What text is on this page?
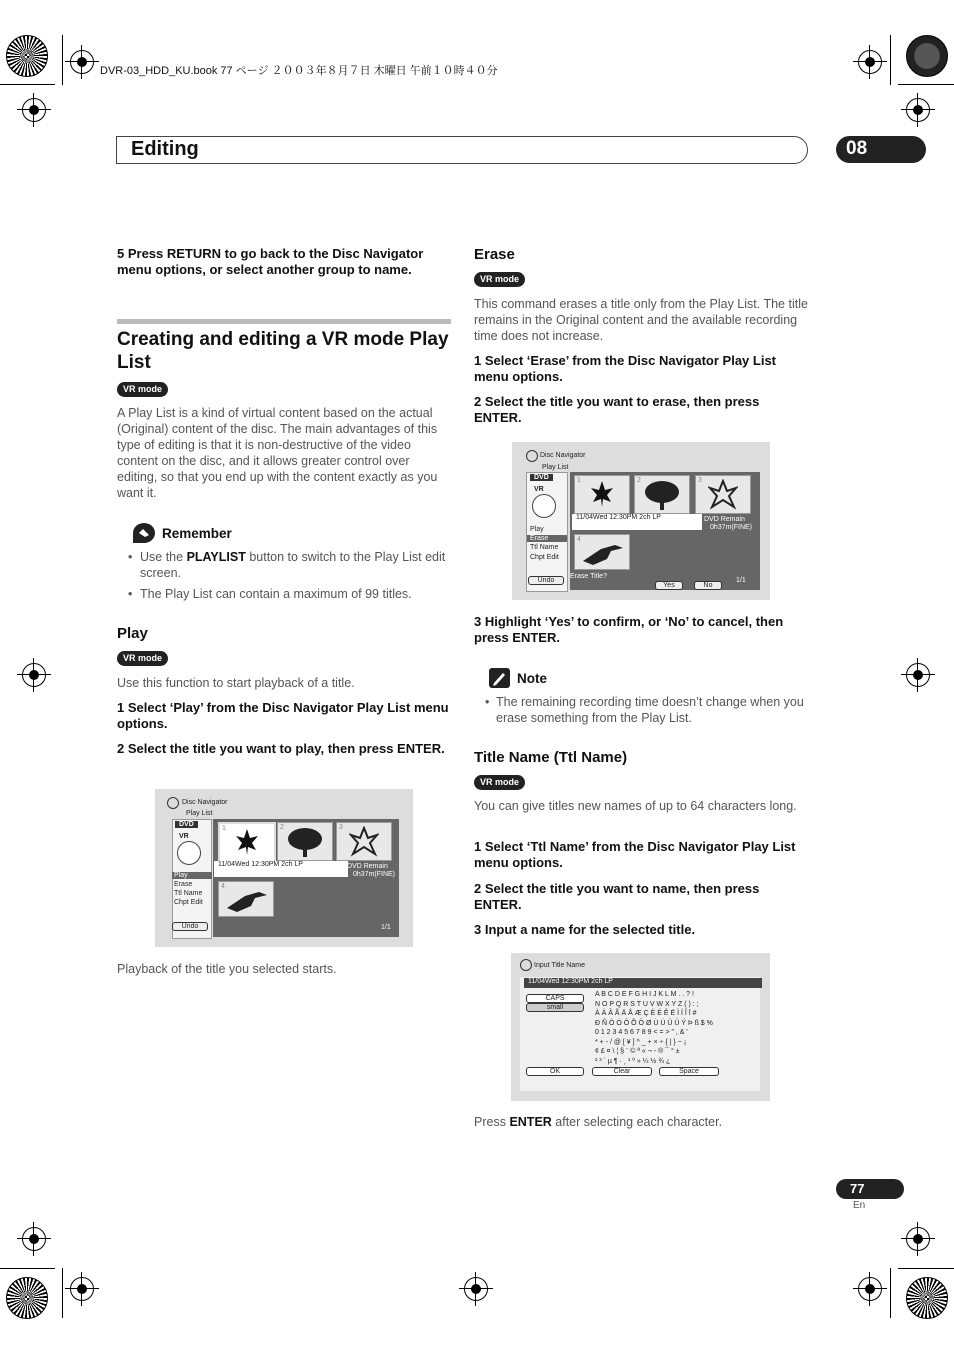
DVR-03_HDD_KU.book 77 ページ ２００３年８月７日 木曜日 午前１０時４０分
Editing	08
5 Press RETURN to go back to the Disc Navigator menu options, or select another group to name.
Creating and editing a VR mode Play List
VR mode
A Play List is a kind of virtual content based on the actual (Original) content of the disc. The main advantages of this type of editing is that it is non-destructive of the video content on the disc, and it allows greater control over editing, so that you end up with the content exactly as you want it.
Remember
• Use the PLAYLIST button to switch to the Play List edit screen.
• The Play List can contain a maximum of 99 titles.
Play
VR mode
Use this function to start playback of a title.
1 Select ‘Play’ from the Disc Navigator Play List menu options.
2 Select the title you want to play, then press ENTER.
Disc Navigator
Play List
DVD
VR
Play
Erase
Ttl Name
Chpt Edit
Undo
1	2	3
11/04Wed 12:30PM 2ch LP	DVD Remain
0h37m(FINE)
4
1/1
Playback of the title you selected starts.
Erase
VR mode
This command erases a title only from the Play List. The title remains in the Original content and the available recording time does not increase.
1 Select ‘Erase’ from the Disc Navigator Play List menu options.
2 Select the title you want to erase, then press ENTER.
Disc Navigator
Play List
DVD
VR
Play
Erase
Ttl Name
Chpt Edit
Undo
1	2	3
11/04Wed 12:30PM 2ch LP	DVD Remain
0h37m(FINE)
4
Erase Title?
Yes	No
1/1
3 Highlight ‘Yes’ to confirm, or ‘No’ to cancel, then press ENTER.
Note
• The remaining recording time doesn’t change when you erase something from the Play List.
Title Name (Ttl Name)
VR mode
You can give titles new names of up to 64 characters long.
1 Select ‘Ttl Name’ from the Disc Navigator Play List menu options.
2 Select the title you want to name, then press ENTER.
3 Input a name for the selected title.
Input Title Name
11/04Wed 12:30PM 2ch LP
CAPS
small
A B C D E F G H I J K L M . . ? !
N O P Q R S T U V W X Y Z ( ) : ;
À Á Â Ã Ä Å Æ Ç È É Ê Ë Ì Í Î Ï #
Ð Ñ Ò Ó Ô Õ Ö Ø Ù Ú Û Ü Ý Þ ß $ %
0 1 2 3 4 5 6 7 8 9 < = > " , & '
* + - / @ [ ¥ ] ^ _ + × ÷ { | } ~ ¡
¢ £ ¤ \ ¦ § ¨ © ª « ¬ - ® ¯ ° ±
² ³ ´ µ ¶ · ¸ ¹ º » ¼ ½ ¾ ¿
OK	Clear	Space
Press ENTER after selecting each character.
77
En
